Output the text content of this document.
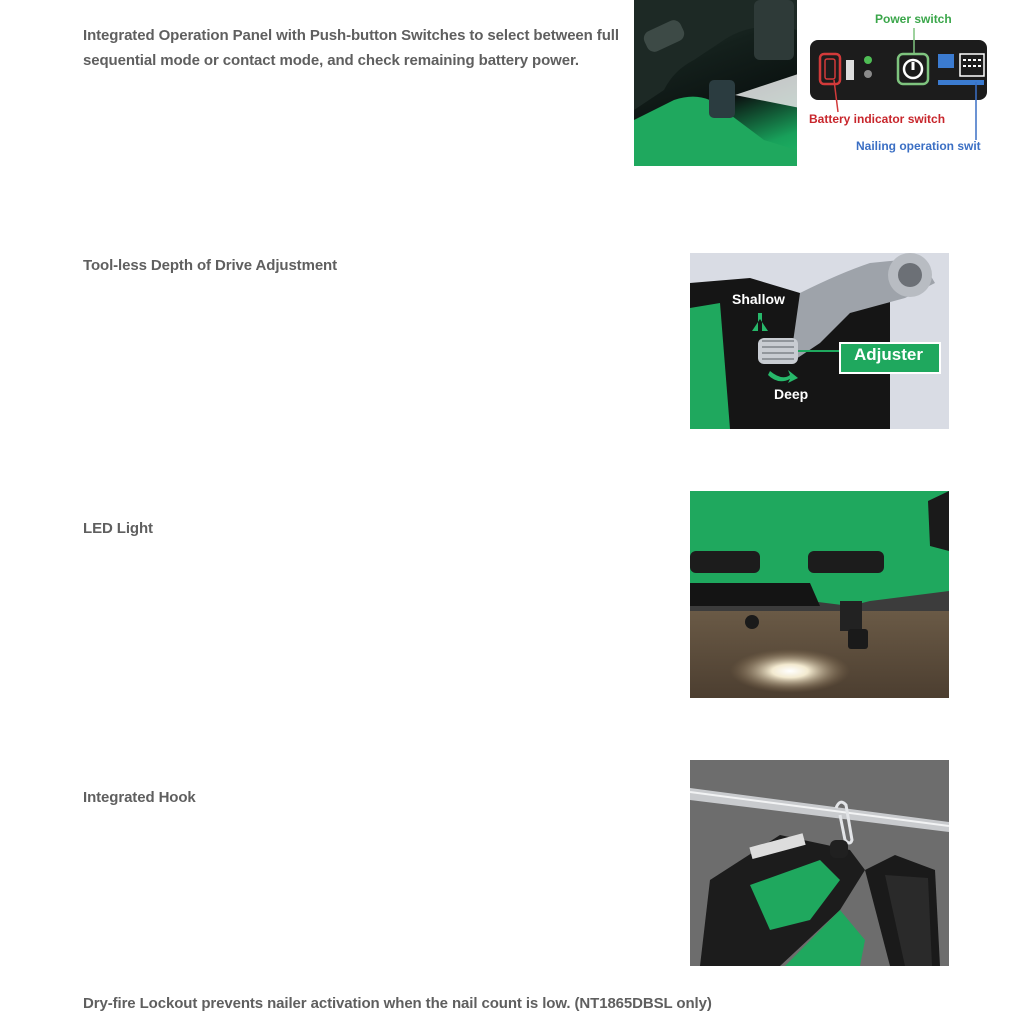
Integrated Operation Panel with Push-button Switches to select between full sequential mode or contact mode, and check remaining battery power.
Tool-less Depth of Drive Adjustment
LED Light
Integrated Hook
Dry-fire Lockout prevents nailer activation when the nail count is low. (NT1865DBSL only)
Power switch
Battery indicator switch
Nailing operation swit
Shallow
Adjuster
Deep
